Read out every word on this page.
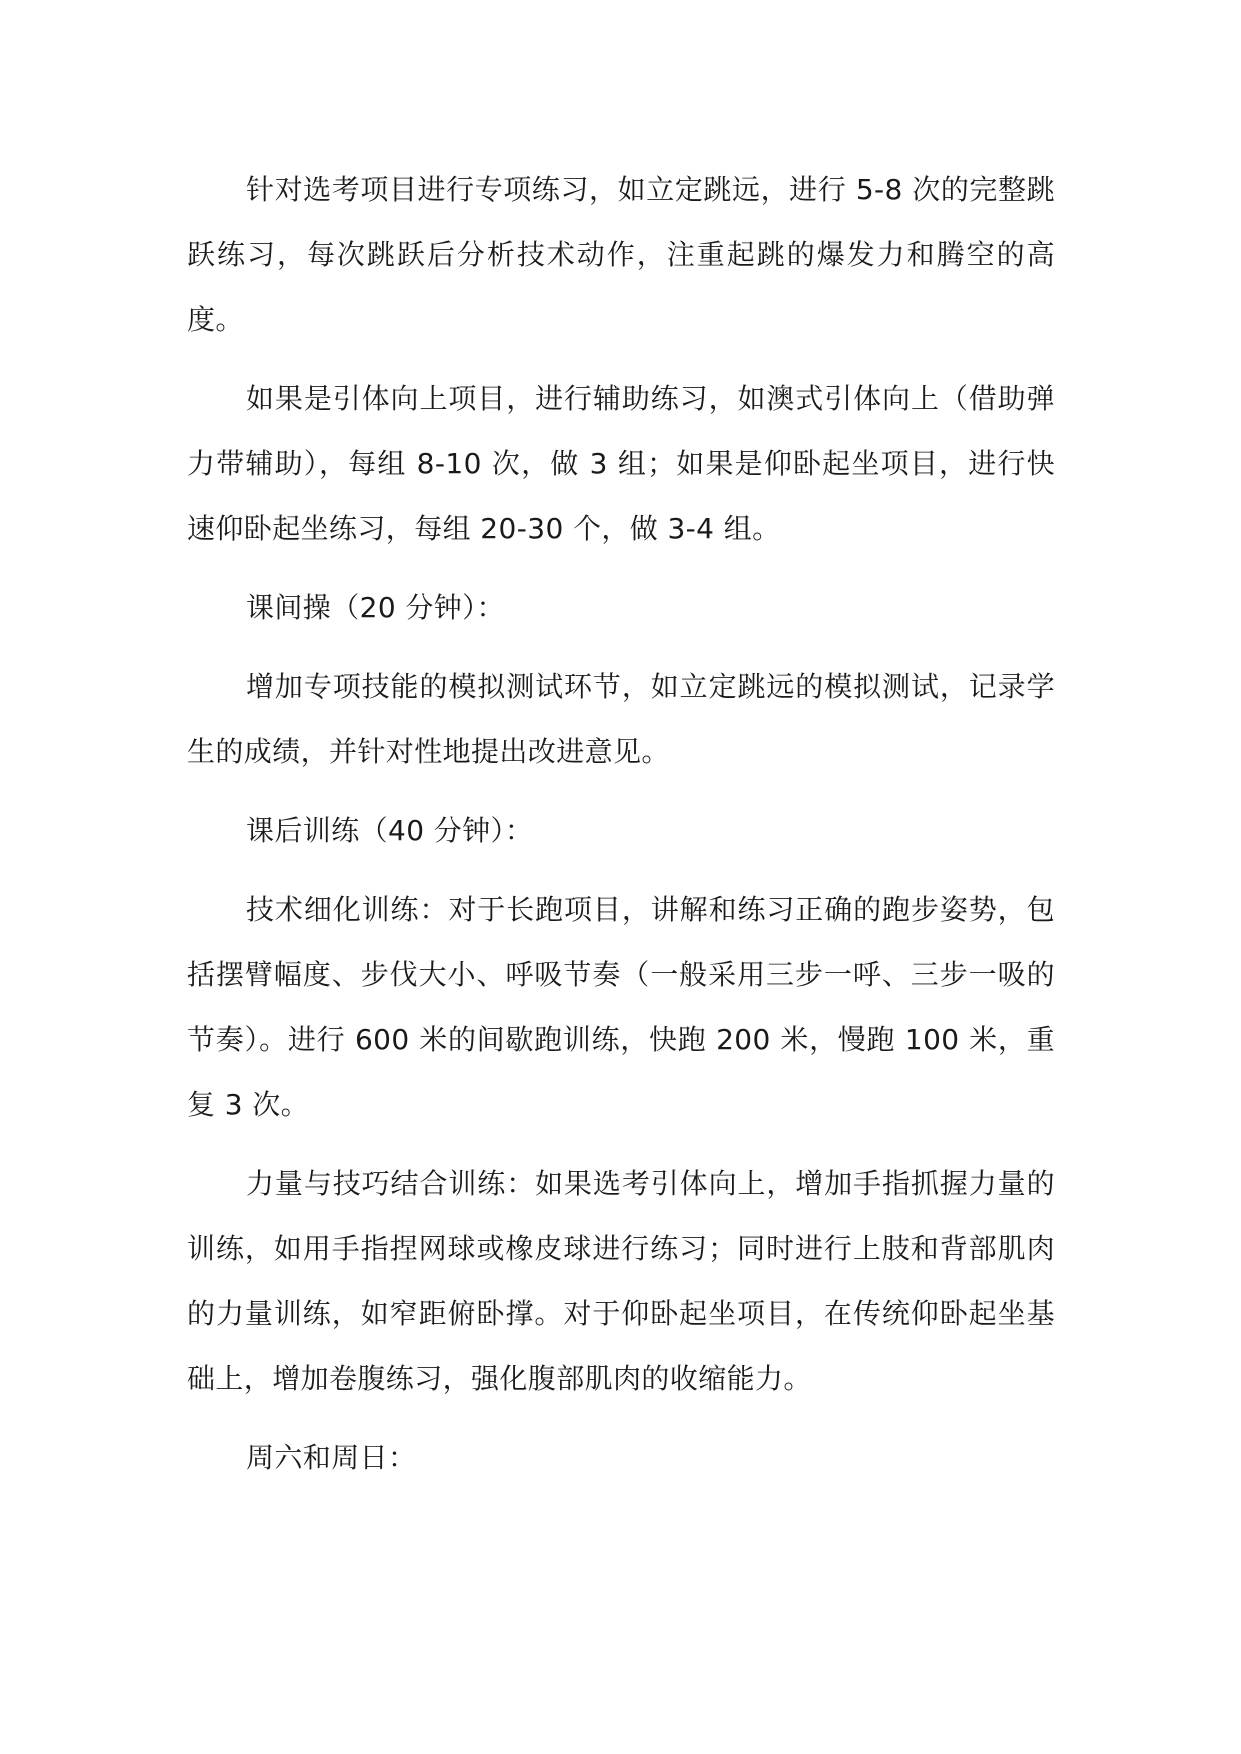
针对选考项目进行专项练习，如立定跳远，进行 5-8 次的完整跳跃练习，每次跳跃后分析技术动作，注重起跳的爆发力和腾空的高度。

如果是引体向上项目，进行辅助练习，如澳式引体向上（借助弹力带辅助），每组 8-10 次，做 3 组；如果是仰卧起坐项目，进行快速仰卧起坐练习，每组 20-30 个，做 3-4 组。

课间操（20 分钟）：

增加专项技能的模拟测试环节，如立定跳远的模拟测试，记录学生的成绩，并针对性地提出改进意见。

课后训练（40 分钟）：

技术细化训练：对于长跑项目，讲解和练习正确的跑步姿势，包括摆臂幅度、步伐大小、呼吸节奏（一般采用三步一呼、三步一吸的节奏）。进行 600 米的间歇跑训练，快跑 200 米，慢跑 100 米，重复 3 次。

力量与技巧结合训练：如果选考引体向上，增加手指抓握力量的训练，如用手指捏网球或橡皮球进行练习；同时进行上肢和背部肌肉的力量训练，如窄距俯卧撑。对于仰卧起坐项目，在传统仰卧起坐基础上，增加卷腹练习，强化腹部肌肉的收缩能力。

周六和周日：
